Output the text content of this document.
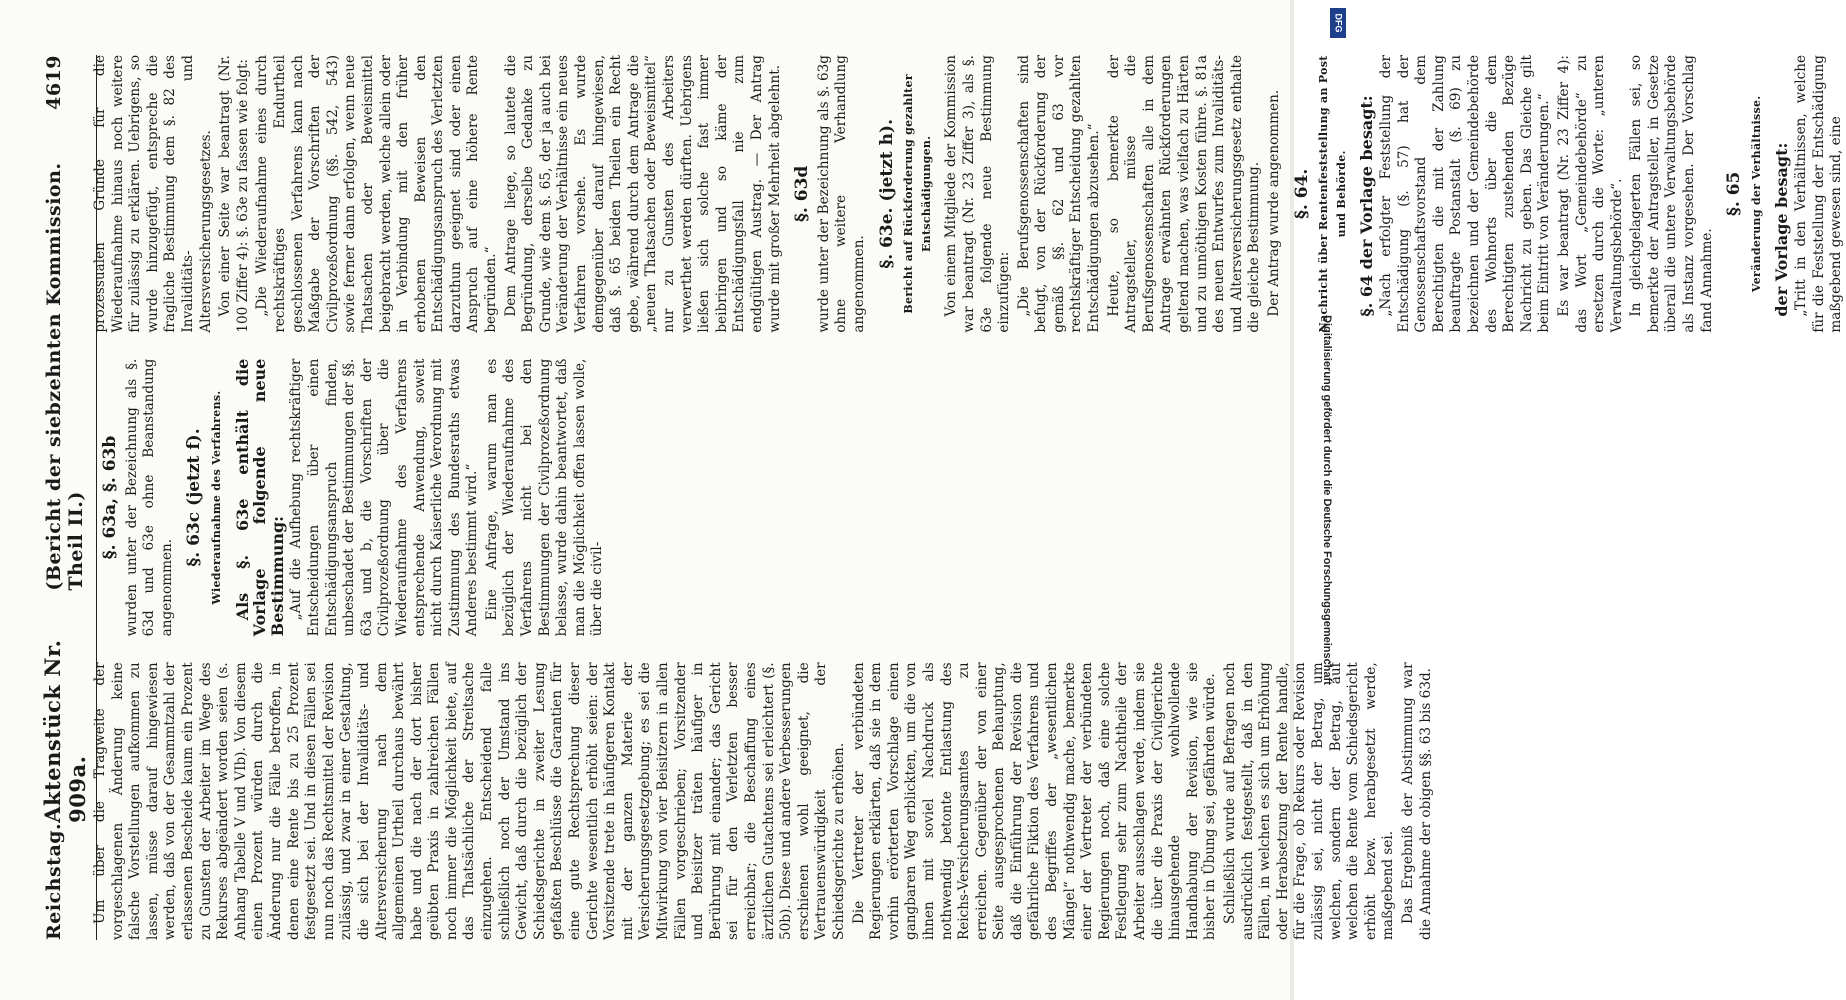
Reichstag.
Aktenstück Nr. 909a.
(Bericht der siebzehnten Kommission. Theil II.)
4619

Um über die Tragweite der vorgeschlagenen Änderung keine falsche Vorstellungen aufkommen zu lassen, müsse darauf hingewiesen werden, daß von der Gesammtzahl der erlassenen Bescheide kaum ein Prozent zu Gunsten der Arbeiter im Wege des Rekurses abgeändert worden seien (s. Anhang Tabelle V und VIb). Von diesem einen Prozent würden durch die Änderung nur die Fälle betroffen, in denen eine Rente bis zu 25 Prozent festgesetzt sei. Und in diesen Fällen sei nun noch das Rechtsmittel der Revision zulässig, und zwar in einer Gestaltung, die sich bei der Invaliditäts- und Altersversicherung nach dem allgemeinen Urtheil durchaus bewährt habe und die nach der dort bisher geübten Praxis in zahlreichen Fällen noch immer die Möglichkeit biete, auf das Thatsächliche der Streitsache einzugehen. Entscheidend falle schließlich noch der Umstand ins Gewicht, daß durch die bezüglich der Schiedsgerichte in zweiter Lesung gefaßten Beschlüsse die Garantien für eine gute Rechtsprechung dieser Gerichte wesentlich erhöht seien: der Vorsitzende trete in häufigeren Kontakt mit der ganzen Materie der Versicherungsgesetzgebung; es sei die Mitwirkung von vier Beisitzern in allen Fällen vorgeschrieben; Vorsitzender und Beisitzer träten häufiger in Berührung mit einander; das Gericht sei für den Verletzten besser erreichbar; die Beschaffung eines ärztlichen Gutachtens sei erleichtert (§. 50b). Diese und andere Verbesserungen erschienen wohl geeignet, die Vertrauenswürdigkeit der Schiedsgerichte zu erhöhen. Die Vertreter der verbündeten Regierungen erklärten, daß sie in dem vorhin erörterten Vorschlage einen gangbaren Weg erblickten, um die von ihnen mit soviel Nachdruck als nothwendig betonte Entlastung des Reichs-Versicherungsamtes zu erreichen. Gegenüber der von einer Seite ausgesprochenen Behauptung, daß die Einführung der Revision die gefährliche Fiktion des Verfahrens und des Begriffes der „wesentlichen Mängel“ nothwendig mache, bemerkte einer der Vertreter der verbündeten Regierungen noch, daß eine solche Festlegung sehr zum Nachtheile der Arbeiter ausschlagen werde, indem sie die über die Praxis der Civilgerichte hinausgehende wohlwollende Handhabung der Revision, wie sie bisher in Übung sei, gefährden würde. Schließlich wurde auf Befragen noch ausdrücklich festgestellt, daß in den Fällen, in welchen es sich um Erhöhung oder Herabsetzung der Rente handle, für die Frage, ob Rekurs oder Revision zulässig sei, nicht der Betrag, um welchen, sondern der Betrag, auf welchen die Rente vom Schiedsgericht erhöht bezw. herabgesetzt werde, maßgebend sei. Das Ergebniß der Abstimmung war die Annahme der obigen §§. 63 bis 63d.

§. 63a, §. 63b wurden unter der Bezeichnung als §. 63d und 63e ohne Beanstandung angenommen.

§. 63c (jetzt f). Wiederaufnahme des Verfahrens. Als §. 63e enthält die Vorlage folgende neue Bestimmung: „Auf die Aufhebung rechtskräftiger Entscheidungen über einen Entschädigungsanspruch finden, unbeschadet der Bestimmungen der §§. 63a und b, die Vorschriften der Civilprozeßordnung über die Wiederaufnahme des Verfahrens entsprechende Anwendung, soweit nicht durch Kaiserliche Verordnung mit Zustimmung des Bundesraths etwas Anderes bestimmt wird.“ Eine Anfrage, warum man es bezüglich der Wiederaufnahme des Verfahrens nicht bei den Bestimmungen der Civilprozeßordnung belasse, wurde dahin beantwortet, daß man die Möglichkeit offen lassen wolle, über die civil-

prozessualen Gründe für die Wiederaufnahme hinaus noch weitere für zulässig zu erklären. Uebrigens, so wurde hinzugefügt, entspreche die fragliche Bestimmung dem §. 82 des Invaliditäts- und Altersversicherungsgesetzes. Von einer Seite war beantragt (Nr. 100 Ziffer 4): §. 63e zu fassen wie folgt: „Die Wiederaufnahme eines durch rechtskräftiges Endurtheil geschlossenen Verfahrens kann nach Maßgabe der Vorschriften der Civilprozeßordnung (§§. 542, 543) sowie ferner dann erfolgen, wenn neue Thatsachen oder Beweismittel beigebracht werden, welche allein oder in Verbindung mit den früher erhobenen Beweisen den Entschädigungsanspruch des Verletzten darzuthun geeignet sind oder einen Anspruch auf eine höhere Rente begründen.“ Dem Antrage liege, so lautete die Begründung, derselbe Gedanke zu Grunde, wie dem §. 65, der ja auch bei Veränderung der Verhältnisse ein neues Verfahren vorsehe. Es wurde demgegenüber darauf hingewiesen, daß §. 65 beiden Theilen ein Recht gebe, während durch dem Antrage die „neuen Thatsachen oder Beweismittel“ nur zu Gunsten des Arbeiters verwerthet werden dürften. Uebrigens ließen sich solche fast immer beibringen und so käme der Entschädigungsfall nie zum endgültigen Austrag. — Der Antrag wurde mit großer Mehrheit abgelehnt. §. 63d wurde unter der Bezeichnung als §. 63g ohne weitere Verhandlung angenommen.

§. 63e. (jetzt h). Bericht auf Rückforderung gezahlter Entschädigungen. Von einem Mitgliede der Kommission war beantragt (Nr. 23 Ziffer 3), als §. 63e folgende neue Bestimmung einzufügen: „Die Berufsgenossenschaften sind befugt, von der Rückforderung der gemäß §§. 62 und 63 vor rechtskräftiger Entscheidung gezahlten Entschädigungen abzusehen.“ Heute, so bemerkte der Antragsteller, müsse die Berufsgenossenschaften alle in dem Antrage erwähnten Rückforderungen geltend machen, was vielfach zu Härten und zu unnöthigen Kosten führe. §. 81a des neuen Entwurfes zum Invaliditäts- und Altersversicherungsgesetz enthalte die gleiche Bestimmung. Der Antrag wurde angenommen. §. 64. Nachricht über Rentenfeststellung an Post und Behörde. §. 64 der Vorlage besagt: „Nach erfolgter Feststellung der Entschädigung (§. 57) hat der Genossenschaftsvorstand dem Berechtigten die mit der Zahlung beauftragte Postanstalt (§. 69) zu bezeichnen und der Gemeindebehörde des Wohnorts über die dem Berechtigten zustehenden Bezüge Nachricht zu geben. Das Gleiche gilt beim Eintritt von Veränderungen.“ Es war beantragt (Nr. 23 Ziffer 4): das Wort „Gemeindebehörde“ zu ersetzen durch die Worte: „unteren Verwaltungsbehörde“. In gleichgelagerten Fällen sei, so bemerkte der Antragsteller, in Gesetze überall die untere Verwaltungsbehörde als Instanz vorgesehen. Der Vorschlag fand Annahme.

§. 65 Veränderung der Verhältnisse. der Vorlage besagt: „Tritt in den Verhältnissen, welche für die Feststellung der Entschädigung maßgebend gewesen sind, eine

Digitalisierung gefördert durch die Deutsche Forschungsgemeinschaft
DFG
